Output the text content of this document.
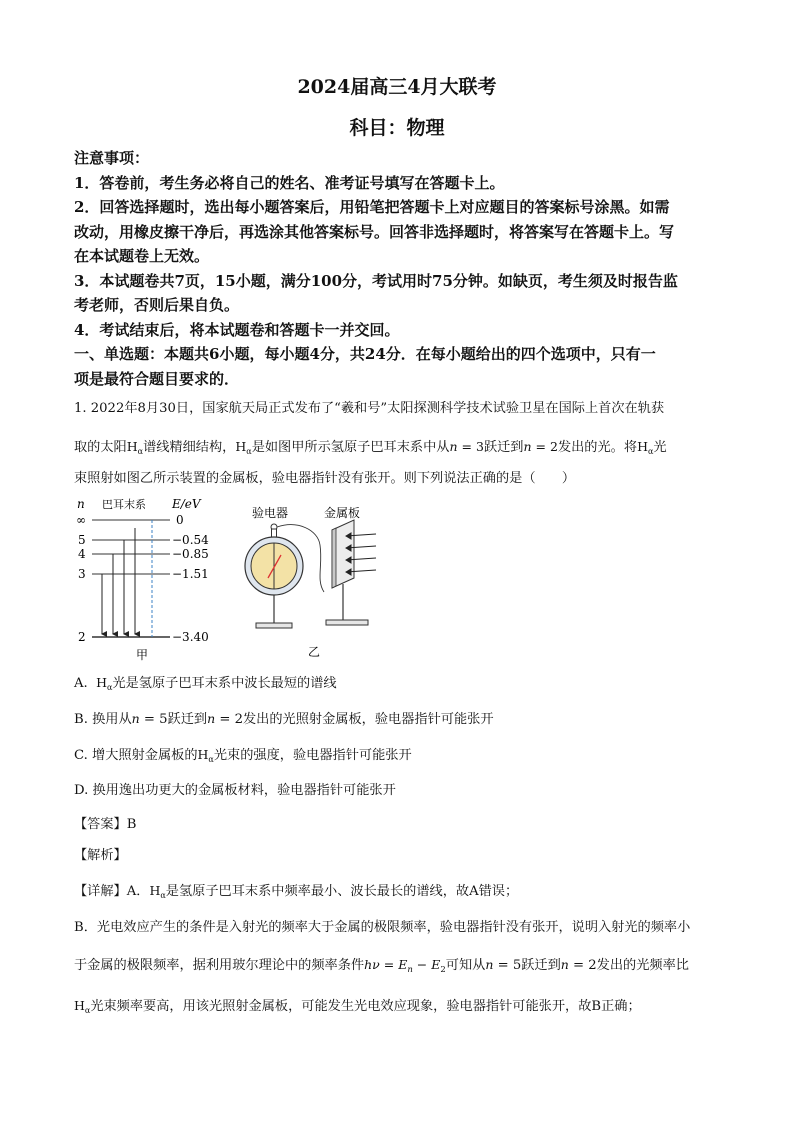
2024届高三4月大联考
科目：物理
注意事项：
1．答卷前，考生务必将自己的姓名、准考证号填写在答题卡上。
2．回答选择题时，选出每小题答案后，用铅笔把答题卡上对应题目的答案标号涂黑。如需
改动，用橡皮擦干净后，再选涂其他答案标号。回答非选择题时，将答案写在答题卡上。写
在本试题卷上无效。
3．本试题卷共7页，15小题，满分100分，考试用时75分钟。如缺页，考生须及时报告监
考老师，否则后果自负。
4．考试结束后，将本试题卷和答题卡一并交回。
一、单选题：本题共6小题，每小题4分，共24分．在每小题给出的四个选项中，只有一
项是最符合题目要求的．
1. 2022年8月30日，国家航天局正式发布了“羲和号”太阳探测科学技术试验卫星在国际上首次在轨获
取的太阳$H_\alpha$谱线精细结构，$H_\alpha$是如图甲所示氢原子巴耳末系中从n = 3跃迁到n = 2发出的光。将$H_\alpha$光
束照射如图乙所示装置的金属板，验电器指针没有张开。则下列说法正确的是（　　）
n 巴耳末系 E/eV
∞
5
4
3
2
0
−0.54
−0.85
−1.51
−3.40
甲
验电器	金属板
乙
A. $H_\alpha$光是氢原子巴耳末系中波长最短的谱线
B. 换用从n = 5跃迁到n = 2发出的光照射金属板，验电器指针可能张开
C. 增大照射金属板的$H_\alpha$光束的强度，验电器指针可能张开
D. 换用逸出功更大的金属板材料，验电器指针可能张开
【答案】B
【解析】
【详解】A．$H_\alpha$是氢原子巴耳末系中频率最小、波长最长的谱线，故A错误；
B．光电效应产生的条件是入射光的频率大于金属的极限频率，验电器指针没有张开，说明入射光的频率小
于金属的极限频率，据利用玻尔理论中的频率条件$h\nu = E_n - E_2$可知从n = 5跃迁到n = 2发出的光频率比
$H_\alpha$光束频率要高，用该光照射金属板，可能发生光电效应现象，验电器指针可能张开，故B正确；
